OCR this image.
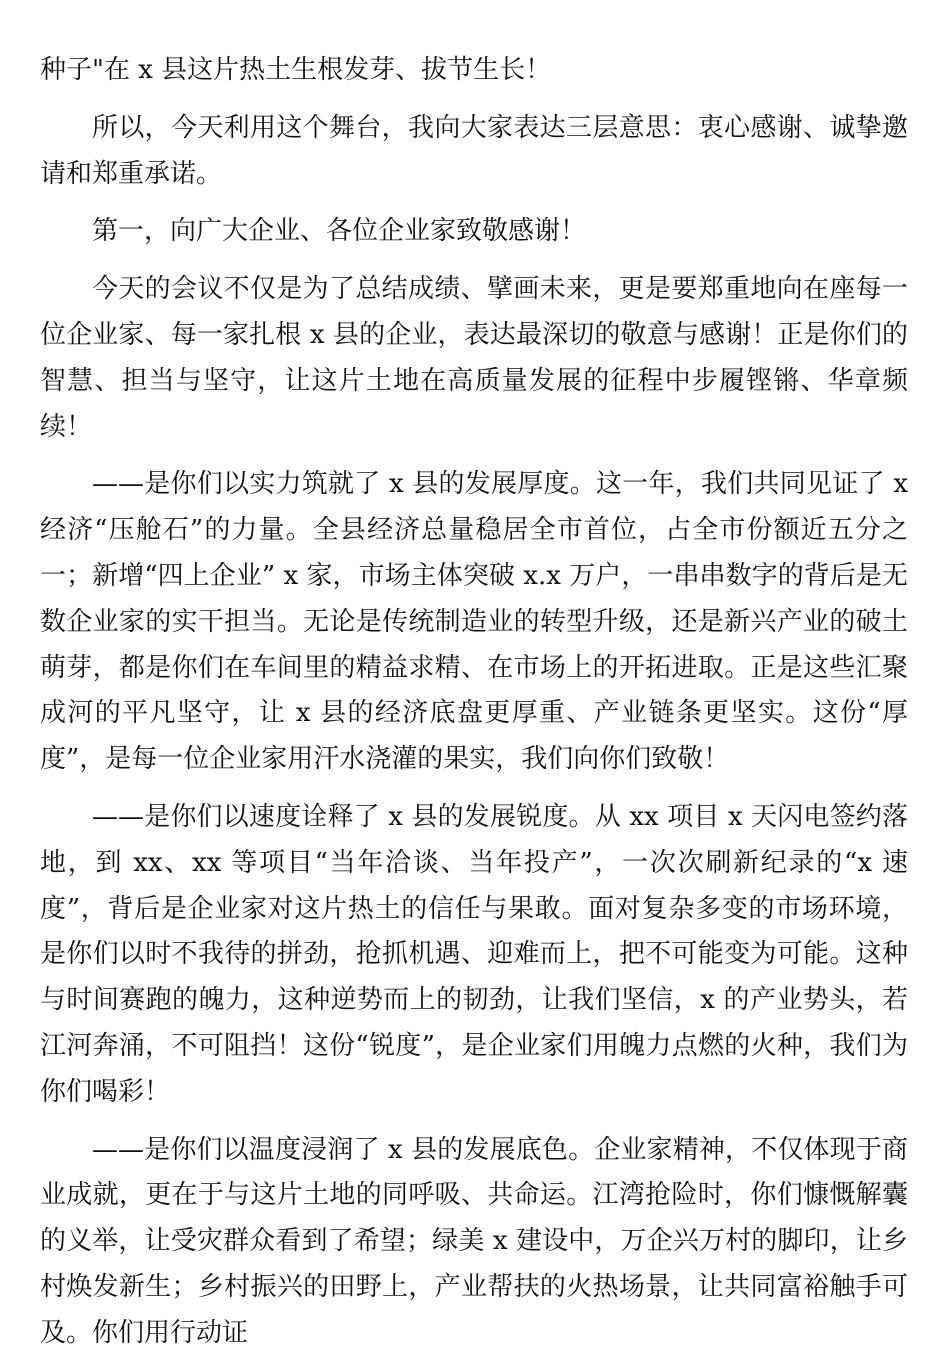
种子"在 x 县这片热土生根发芽、拔节生长！

所以，今天利用这个舞台，我向大家表达三层意思：衷心感谢、诚挚邀请和郑重承诺。

第一，向广大企业、各位企业家致敬感谢！

今天的会议不仅是为了总结成绩、擘画未来，更是要郑重地向在座每一位企业家、每一家扎根 x 县的企业，表达最深切的敬意与感谢！正是你们的智慧、担当与坚守，让这片土地在高质量发展的征程中步履铿锵、华章频续！

——是你们以实力筑就了 x 县的发展厚度。这一年，我们共同见证了 x 经济“压舱石”的力量。全县经济总量稳居全市首位，占全市份额近五分之一；新增“四上企业” x 家，市场主体突破 x.x 万户，一串串数字的背后是无数企业家的实干担当。无论是传统制造业的转型升级，还是新兴产业的破土萌芽，都是你们在车间里的精益求精、在市场上的开拓进取。正是这些汇聚成河的平凡坚守，让 x 县的经济底盘更厚重、产业链条更坚实。这份“厚度”，是每一位企业家用汗水浇灌的果实，我们向你们致敬！

——是你们以速度诠释了 x 县的发展锐度。从 xx 项目 x 天闪电签约落地，到 xx、xx 等项目“当年洽谈、当年投产”，一次次刷新纪录的“x 速度”，背后是企业家对这片热土的信任与果敢。面对复杂多变的市场环境，是你们以时不我待的拼劲，抢抓机遇、迎难而上，把不可能变为可能。这种与时间赛跑的魄力，这种逆势而上的韧劲，让我们坚信，x 的产业势头，若江河奔涌，不可阻挡！这份“锐度”，是企业家们用魄力点燃的火种，我们为你们喝彩！

——是你们以温度浸润了 x 县的发展底色。企业家精神，不仅体现于商业成就，更在于与这片土地的同呼吸、共命运。江湾抢险时，你们慷慨解囊的义举，让受灾群众看到了希望；绿美 x 建设中，万企兴万村的脚印，让乡村焕发新生；乡村振兴的田野上，产业帮扶的火热场景，让共同富裕触手可及。你们用行动证
